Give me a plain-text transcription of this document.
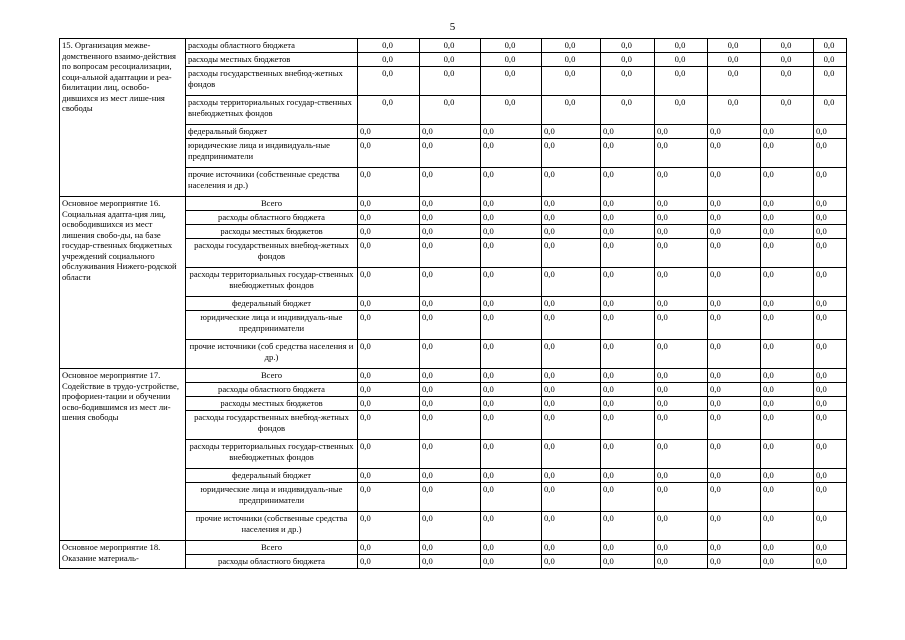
5
15. Организация межве-домственного взаимо-действия по вопросам ресоциализации, соци-альной адаптации и реа-билитации лиц, освобо-дившихся из мест лише-ния свободы	расходы областного бюджета	0,0	0,0	0,0	0,0	0,0	0,0	0,0	0,0	0,0
	расходы местных бюджетов	0,0	0,0	0,0	0,0	0,0	0,0	0,0	0,0	0,0
	расходы государственных внебюд-жетных фондов	0,0	0,0	0,0	0,0	0,0	0,0	0,0	0,0	0,0
	расходы территориальных государ-ственных внебюджетных фондов	0,0	0,0	0,0	0,0	0,0	0,0	0,0	0,0	0,0
	федеральный бюджет	0,0	0,0	0,0	0,0	0,0	0,0	0,0	0,0	0,0
	юридические лица и индивидуаль-ные предприниматели	0,0	0,0	0,0	0,0	0,0	0,0	0,0	0,0	0,0
	прочие источники (собственные средства населения и др.)	0,0	0,0	0,0	0,0	0,0	0,0	0,0	0,0	0,0
Основное мероприятие 16. Социальная адапта-ция лиц, освободившихся из мест лишения свобо-ды, на базе государ-ственных бюджетных учреждений социального обслуживания Нижего-родской области	Всего	0,0	0,0	0,0	0,0	0,0	0,0	0,0	0,0	0,0
	расходы областного бюджета	0,0	0,0	0,0	0,0	0,0	0,0	0,0	0,0	0,0
	расходы местных бюджетов	0,0	0,0	0,0	0,0	0,0	0,0	0,0	0,0	0,0
	расходы государственных внебюд-жетных фондов	0,0	0,0	0,0	0,0	0,0	0,0	0,0	0,0	0,0
	расходы территориальных государ-ственных внебюджетных фондов	0,0	0,0	0,0	0,0	0,0	0,0	0,0	0,0	0,0
	федеральный бюджет	0,0	0,0	0,0	0,0	0,0	0,0	0,0	0,0	0,0
	юридические лица и индивидуаль-ные предприниматели	0,0	0,0	0,0	0,0	0,0	0,0	0,0	0,0	0,0
	прочие источники (соб средства населения и др.)	0,0	0,0	0,0	0,0	0,0	0,0	0,0	0,0	0,0
Основное мероприятие 17. Содействие в трудо-устройстве, профориен-тации и обучении осво-бодившимся из мест ли-шения свободы	Всего	0,0	0,0	0,0	0,0	0,0	0,0	0,0	0,0	0,0
	расходы областного бюджета	0,0	0,0	0,0	0,0	0,0	0,0	0,0	0,0	0,0
	расходы местных бюджетов	0,0	0,0	0,0	0,0	0,0	0,0	0,0	0,0	0,0
	расходы государственных внебюд-жетных фондов	0,0	0,0	0,0	0,0	0,0	0,0	0,0	0,0	0,0
	расходы территориальных государ-ственных внебюджетных фондов	0,0	0,0	0,0	0,0	0,0	0,0	0,0	0,0	0,0
	федеральный бюджет	0,0	0,0	0,0	0,0	0,0	0,0	0,0	0,0	0,0
	юридические лица и индивидуаль-ные предприниматели	0,0	0,0	0,0	0,0	0,0	0,0	0,0	0,0	0,0
	прочие источники (собственные средства населения и др.)	0,0	0,0	0,0	0,0	0,0	0,0	0,0	0,0	0,0
Основное мероприятие 18. Оказание материаль-	Всего	0,0	0,0	0,0	0,0	0,0	0,0	0,0	0,0	0,0
	расходы областного бюджета	0,0	0,0	0,0	0,0	0,0	0,0	0,0	0,0	0,0
